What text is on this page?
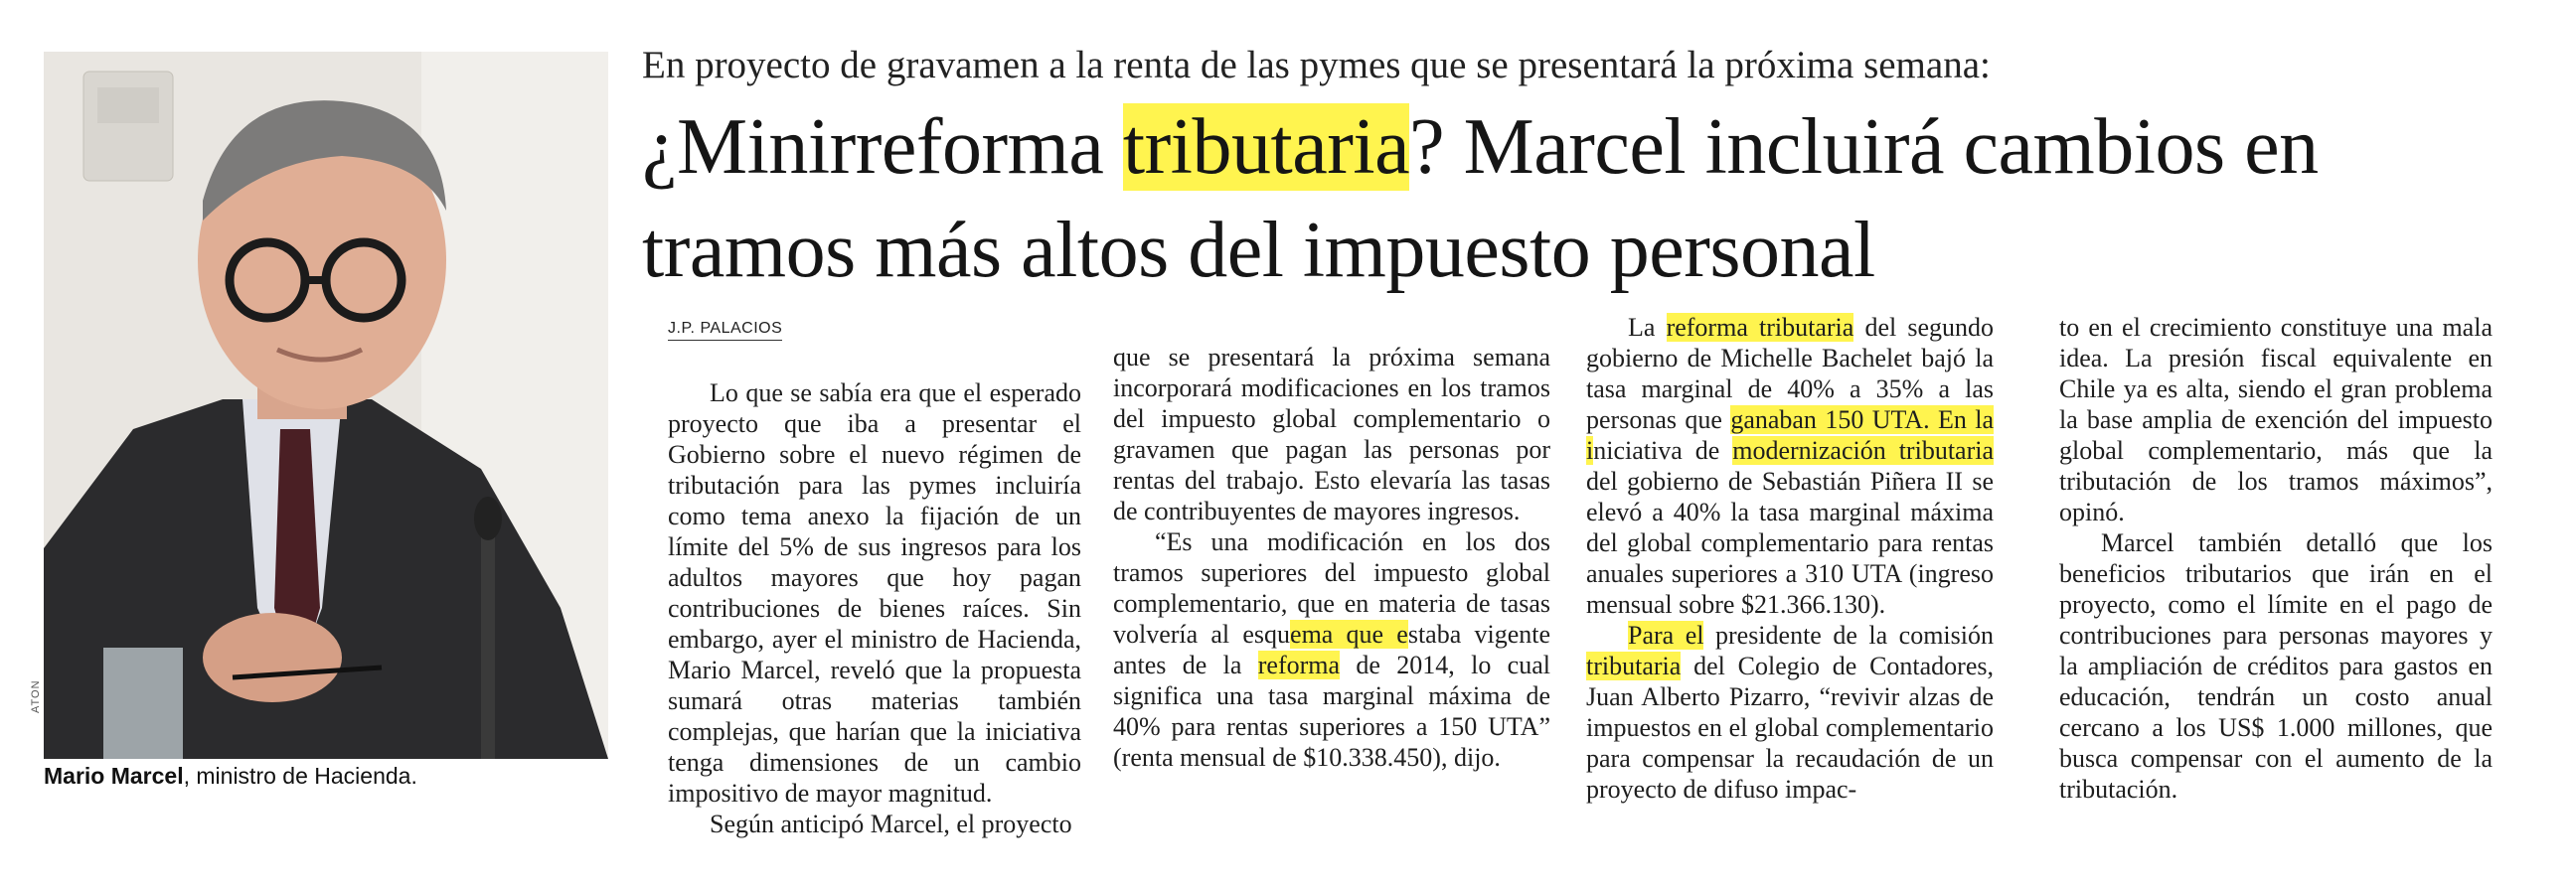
ATON
Mario Marcel, ministro de Hacienda.
En proyecto de gravamen a la renta de las pymes que se presentará la próxima semana:
¿Minirreforma tributaria? Marcel incluirá cambios en tramos más altos del impuesto personal
J.P. PALACIOS

Lo que se sabía era que el esperado proyecto que iba a presentar el Gobierno sobre el nuevo régimen de tributación para las pymes incluiría como tema anexo la fijación de un límite del 5% de sus ingresos para los adultos mayores que hoy pagan contribuciones de bienes raíces. Sin embargo, ayer el ministro de Hacienda, Mario Marcel, reveló que la propuesta sumará otras materias también complejas, que harían que la iniciativa tenga dimensiones de un cambio impositivo de mayor magnitud.

Según anticipó Marcel, el proyecto

que se presentará la próxima semana incorporará modificaciones en los tramos del impuesto global complementario o gravamen que pagan las personas por rentas del trabajo. Esto elevaría las tasas de contribuyentes de mayores ingresos.

“Es una modificación en los dos tramos superiores del impuesto global complementario, que en materia de tasas volvería al esquema que estaba vigente antes de la reforma de 2014, lo cual significa una tasa marginal máxima de 40% para rentas superiores a 150 UTA” (renta mensual de $10.338.450), dijo.

La reforma tributaria del segundo gobierno de Michelle Bachelet bajó la tasa marginal de 40% a 35% a las personas que ganaban 150 UTA. En la iniciativa de modernización tributaria del gobierno de Sebastián Piñera II se elevó a 40% la tasa marginal máxima del global complementario para rentas anuales superiores a 310 UTA (ingreso mensual sobre $21.366.130).

Para el presidente de la comisión tributaria del Colegio de Contadores, Juan Alberto Pizarro, “revivir alzas de impuestos en el global complementario para compensar la recaudación de un proyecto de difuso impac-

to en el crecimiento constituye una mala idea. La presión fiscal equivalente en Chile ya es alta, siendo el gran problema la base amplia de exención del impuesto global complementario, más que la tributación de los tramos máximos”, opinó.

Marcel también detalló que los beneficios tributarios que irán en el proyecto, como el límite en el pago de contribuciones para personas mayores y la ampliación de créditos para gastos en educación, tendrán un costo anual cercano a los US$ 1.000 millones, que busca compensar con el aumento de la tributación.
